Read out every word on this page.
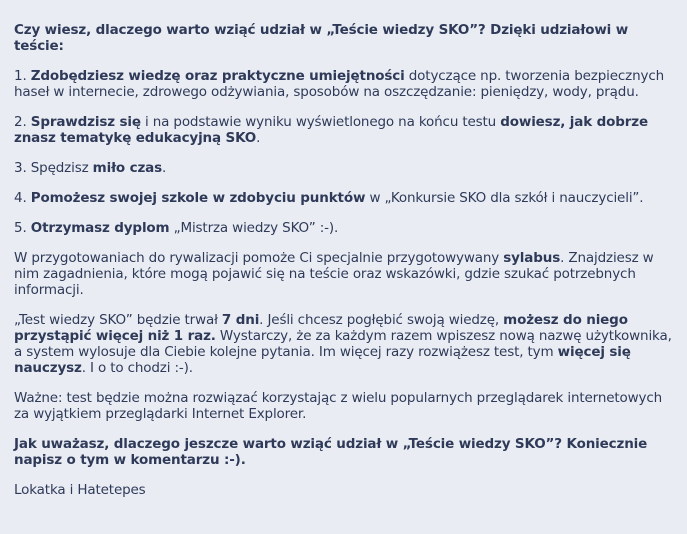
Czy wiesz, dlaczego warto wziąć udział w „Teście wiedzy SKO”? Dzięki udziałowi w teście:

1. Zdobędziesz wiedzę oraz praktyczne umiejętności dotyczące np. tworzenia bezpiecznych haseł w internecie, zdrowego odżywiania, sposobów na oszczędzanie: pieniędzy, wody, prądu.

2. Sprawdzisz się i na podstawie wyniku wyświetlonego na końcu testu dowiesz, jak dobrze znasz tematykę edukacyjną SKO.

3. Spędzisz miło czas.

4. Pomożesz swojej szkole w zdobyciu punktów w „Konkursie SKO dla szkół i nauczycieli”.

5. Otrzymasz dyplom „Mistrza wiedzy SKO” :-).

W przygotowaniach do rywalizacji pomoże Ci specjalnie przygotowywany sylabus. Znajdziesz w nim zagadnienia, które mogą pojawić się na teście oraz wskazówki, gdzie szukać potrzebnych informacji.

„Test wiedzy SKO” będzie trwał 7 dni. Jeśli chcesz pogłębić swoją wiedzę, możesz do niego przystąpić więcej niż 1 raz. Wystarczy, że za każdym razem wpiszesz nową nazwę użytkownika, a system wylosuje dla Ciebie kolejne pytania. Im więcej razy rozwiążesz test, tym więcej się nauczysz. I o to chodzi :-).

Ważne: test będzie można rozwiązać korzystając z wielu popularnych przeglądarek internetowych za wyjątkiem przeglądarki Internet Explorer.

Jak uważasz, dlaczego jeszcze warto wziąć udział w „Teście wiedzy SKO”? Koniecznie napisz o tym w komentarzu :-).

Lokatka i Hatetepes
